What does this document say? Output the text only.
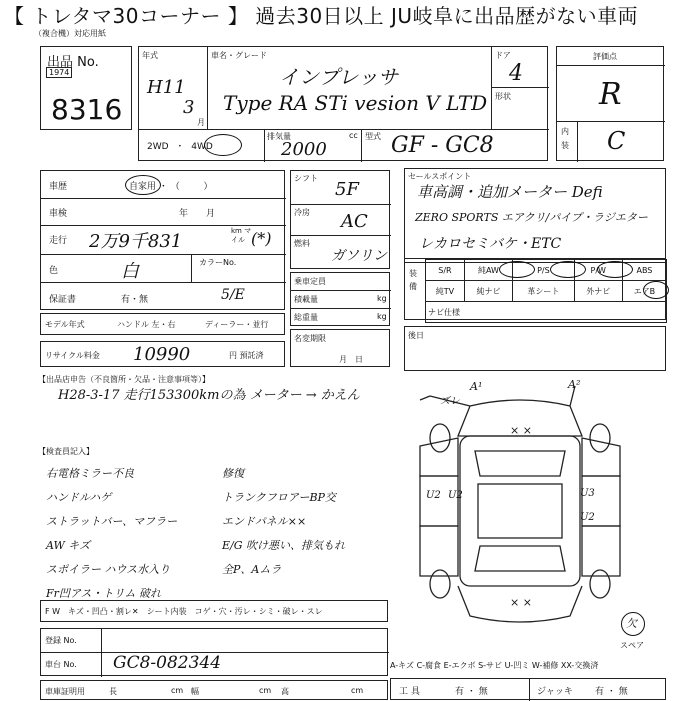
【 トレタマ30コーナー 】 過去30日以上 JU岐阜に出品歴がない車両
（複合機）対応用紙
出品 No.
1974
8316
年式
H11
3
月
車名・グレード
インプレッサ
Type RA STi vesion V LTD
ドア
4
形状
2WD ・ 4WD
排気量
2000
cc 型式 GF - GC8
評価点
R
内装 C
車歴	自家用 ・ （ 　　 ）
車検	年　　月
走行 2万9千831	km マイル (*)
色	白	カラーNo.
保証書	有・無	5/E
モデル年式	ハンドル 左・右	ディーラー・並行
リサイクル料金 10990	円 預託済
シフト
5F
冷房 AC
燃料
ガソリン
乗車定員
積載量	kg
総重量	kg
名変期限
月　日
セールスポイント
車高調・追加メーター Defi
ZERO SPORTS エアクリ/パイプ・ラジエター
レカロセミバケ・ETC
装備
S/R	純AW	P/S	P/W	ABS
純TV	純ナビ	革シート	外ナビ	エアB
ナビ仕様				
後日
【出品店申告（不良箇所・欠品・注意事項等）】
H28-3-17 走行153300kmの為 メーター → かえん
【検査員記入】
右電格ミラー不良
ハンドルハゲ
ストラットバー、マフラー
AW キズ
スポイラー ハウス水入り
Fr凹アス・トリム 破れ
修復
トランクフロアーBP交
エンドパネル××
E/G 吹け悪い、排気もれ
全P、Aムラ
F W　キズ・凹凸・割レ✕　シート内装　コゲ・穴・汚レ・シミ・破レ・スレ
登録 No.
車台 No. GC8-082344
車庫証明用	長	cm 幅	cm 高	cm
A¹	A²
ズレ
× ×
U2 U2	U3
U2
× ×
欠
スペア
A-キズ C-腐食 E-エクボ S-サビ U-凹ミ W-補修 XX-交換済
工 具	有 ・ 無	ジャッキ 有 ・ 無
